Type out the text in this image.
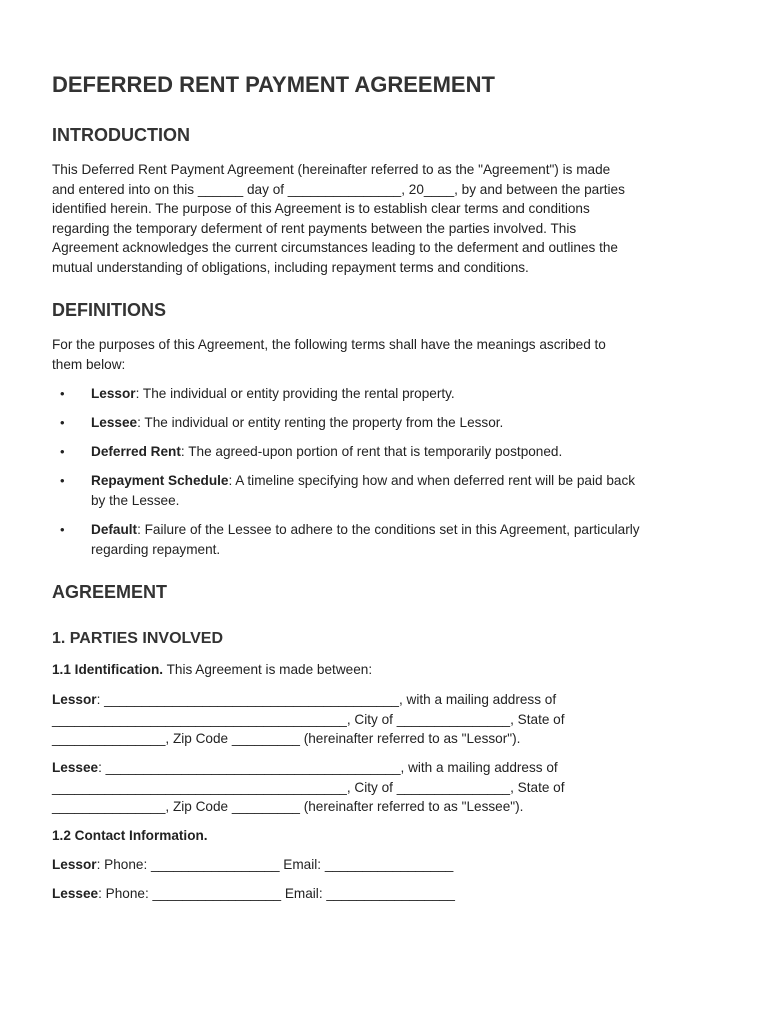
DEFERRED RENT PAYMENT AGREEMENT
INTRODUCTION
This Deferred Rent Payment Agreement (hereinafter referred to as the "Agreement") is made
and entered into on this ______ day of _______________, 20____, by and between the parties
identified herein. The purpose of this Agreement is to establish clear terms and conditions
regarding the temporary deferment of rent payments between the parties involved. This
Agreement acknowledges the current circumstances leading to the deferment and outlines the
mutual understanding of obligations, including repayment terms and conditions.
DEFINITIONS
For the purposes of this Agreement, the following terms shall have the meanings ascribed to
them below:
• Lessor: The individual or entity providing the rental property.
• Lessee: The individual or entity renting the property from the Lessor.
• Deferred Rent: The agreed-upon portion of rent that is temporarily postponed.
• Repayment Schedule: A timeline specifying how and when deferred rent will be paid back
by the Lessee.
• Default: Failure of the Lessee to adhere to the conditions set in this Agreement, particularly
regarding repayment.
AGREEMENT
1. PARTIES INVOLVED
1.1 Identification. This Agreement is made between:
Lessor: _______________________________________, with a mailing address of
_______________________________________, City of _______________, State of
_______________, Zip Code _________ (hereinafter referred to as "Lessor").
Lessee: _______________________________________, with a mailing address of
_______________________________________, City of _______________, State of
_______________, Zip Code _________ (hereinafter referred to as "Lessee").
1.2 Contact Information.
Lessor: Phone: _________________ Email: _________________
Lessee: Phone: _________________ Email: _________________
